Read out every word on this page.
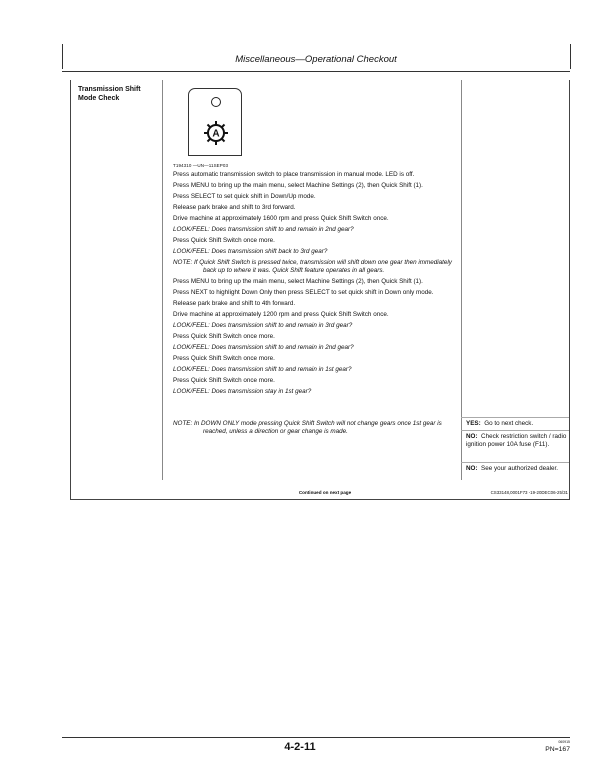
Miscellaneous—Operational Checkout
Transmission Shift Mode Check
A
T194310 —UN—11SEP03

Press automatic transmission switch to place transmission in manual mode. LED is off.

Press MENU to bring up the main menu, select Machine Settings (2), then Quick Shift (1).

Press SELECT to set quick shift in Down/Up mode.

Release park brake and shift to 3rd forward.

Drive machine at approximately 1600 rpm and press Quick Shift Switch once.

LOOK/FEEL: Does transmission shift to and remain in 2nd gear?

Press Quick Shift Switch once more.

LOOK/FEEL: Does transmission shift back to 3rd gear?

NOTE: If Quick Shift Switch is pressed twice, transmission will shift down one gear then immediately back up to where it was. Quick Shift feature operates in all gears.

Press MENU to bring up the main menu, select Machine Settings (2), then Quick Shift (1).

Press NEXT to highlight Down Only then press SELECT to set quick shift in Down only mode.

Release park brake and shift to 4th forward.

Drive machine at approximately 1200 rpm and press Quick Shift Switch once.

LOOK/FEEL: Does transmission shift to and remain in 3rd gear?

Press Quick Shift Switch once more.

LOOK/FEEL: Does transmission shift to and remain in 2nd gear?

Press Quick Shift Switch once more.

LOOK/FEEL: Does transmission shift to and remain in 1st gear?

Press Quick Shift Switch once more.

LOOK/FEEL: Does transmission stay in 1st gear?

NOTE: In DOWN ONLY mode pressing Quick Shift Switch will not change gears once 1st gear is reached, unless a direction or gear change is made.

YES: Go to next check.
NO: Check restriction switch / radio ignition power 10A fuse (F11).
NO: See your authorized dealer.
Continued on next page	CS33148,0001F73 -19-20DEC06-25/31
4-2-11	060915
PN=167
